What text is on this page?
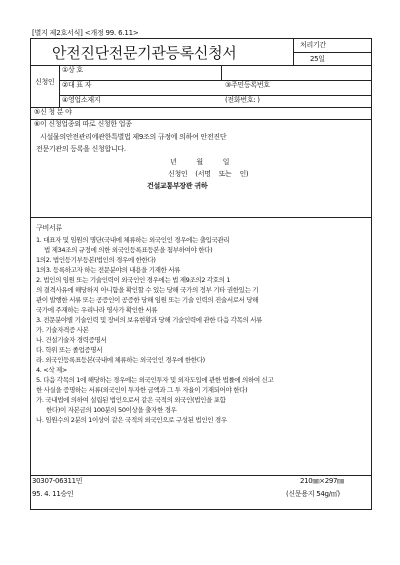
[별지 제2호서식] <개정 99. 6.11>
안전진단전문기관등록신청서	처리기간
25일
신청인
①상 호
②대 표 자	③주민등록번호
④영업소재지	(전화번호: )
⑤신 청 분 야
⑥이 신청업종외 따로 신청한 업종
시설물의안전관리에관한특별법 제9조의 규정에 의하여 안전진단
전문기관의 등록을 신청합니다.
년 월 일
신청인 (서명 또는 인)
건설교통부장관 귀하
구비서류
1. 대표자 및 임원의 명단(국내에 체류하는 외국인인 경우에는 출입국관리
법 제34조의 규정에 의한 외국인등록표등본을 첨부하여야 한다)
1의2. 법인등기부등본(법인의 경우에 한한다)
1의3. 등록하고자 하는 전문분야의 내용을 기재한 서류
2. 법인의 임원 또는 기술인력이 외국인인 경우에는 법 제9조의2 각호의 1
의 결격사유에 해당하지 아니함을 확인할 수 있는 당해 국가의 정부 기타 권한있는 기
관이 발행한 서류 또는 공증인이 공증한 당해 임원 또는 기술 인력의 진술서로서 당해
국가에 주재하는 우리나라 영사가 확인한 서류
3. 전문분야별 기술인력 및 장비의 보유현황과 당해 기술인력에 관한 다음 각목의 서류
가. 기술자격증 사본
나. 건설기술자 경력증명서
다. 학위 또는 졸업증명서
라. 외국인등록표등본(국내에 체류하는 외국인인 경우에 한한다)
4. <삭 제>
5. 다음 각목의 1에 해당하는 경우에는 외국인투자 및 외자도입에 관한 법률에 의하여 신고
한 사실을 증명하는 서류(외국인이 투자한 금액과 그 투 자율이 기재되어야 한다)
가. 국내법에 의하여 설립된 법인으로서 같은 국적의 외국인(법인을 포함
한다)이 자본금의 100분의 50이상을 출자한 경우
나. 임원수의 2분의 1이상이 같은 국적의 외국인으로 구성된 법인인 경우
30307-06311민
95. 4. 11승인
210㎜×297㎜
(신문용지 54g/㎡)
